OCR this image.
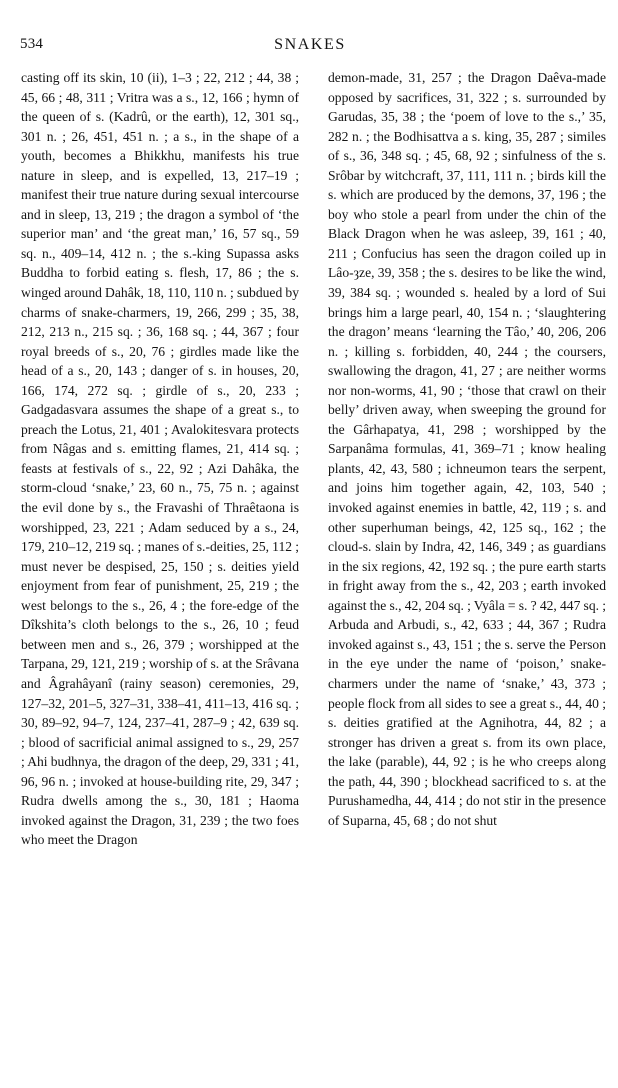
534	SNAKES
casting off its skin, 10 (ii), 1–3 ; 22, 212 ; 44, 38 ; 45, 66 ; 48, 311 ; Vritra was a s., 12, 166 ; hymn of the queen of s. (Kadrû, or the earth), 12, 301 sq., 301 n. ; 26, 451, 451 n. ; a s., in the shape of a youth, becomes a Bhikkhu, manifests his true nature in sleep, and is expelled, 13, 217–19 ; manifest their true nature during sexual intercourse and in sleep, 13, 219 ; the dragon a symbol of ‘the superior man’ and ‘the great man,’ 16, 57 sq., 59 sq. n., 409–14, 412 n. ; the s.-king Supassa asks Buddha to forbid eating s. flesh, 17, 86 ; the s. winged around Dahâk, 18, 110, 110 n. ; subdued by charms of snake-charmers, 19, 266, 299 ; 35, 38, 212, 213 n., 215 sq. ; 36, 168 sq. ; 44, 367 ; four royal breeds of s., 20, 76 ; girdles made like the head of a s., 20, 143 ; danger of s. in houses, 20, 166, 174, 272 sq. ; girdle of s., 20, 233 ; Gadgadasvara assumes the shape of a great s., to preach the Lotus, 21, 401 ; Avalokitesvara protects from Nâgas and s. emitting flames, 21, 414 sq. ; feasts at festivals of s., 22, 92 ; Azi Dahâka, the storm-cloud ‘snake,’ 23, 60 n., 75, 75 n. ; against the evil done by s., the Fravashi of Thraêtaona is worshipped, 23, 221 ; Adam seduced by a s., 24, 179, 210–12, 219 sq. ; manes of s.-deities, 25, 112 ; must never be despised, 25, 150 ; s. deities yield enjoyment from fear of punishment, 25, 219 ; the west belongs to the s., 26, 4 ; the fore-edge of the Dîkshita’s cloth belongs to the s., 26, 10 ; feud between men and s., 26, 379 ; worshipped at the Tarpana, 29, 121, 219 ; worship of s. at the Srâvana and Âgrahâyanî (rainy season) ceremonies, 29, 127–32, 201–5, 327–31, 338–41, 411–13, 416 sq. ; 30, 89–92, 94–7, 124, 237–41, 287–9 ; 42, 639 sq. ; blood of sacrificial animal assigned to s., 29, 257 ; Ahi budhnya, the dragon of the deep, 29, 331 ; 41, 96, 96 n. ; invoked at house-building rite, 29, 347 ; Rudra dwells among the s., 30, 181 ; Haoma invoked against the Dragon, 31, 239 ; the two foes who meet the Dragon
demon-made, 31, 257 ; the Dragon Daêva-made opposed by sacrifices, 31, 322 ; s. surrounded by Garudas, 35, 38 ; the ‘poem of love to the s.,’ 35, 282 n. ; the Bodhisattva a s. king, 35, 287 ; similes of s., 36, 348 sq. ; 45, 68, 92 ; sinfulness of the s. Srôbar by witchcraft, 37, 111, 111 n. ; birds kill the s. which are produced by the demons, 37, 196 ; the boy who stole a pearl from under the chin of the Black Dragon when he was asleep, 39, 161 ; 40, 211 ; Confucius has seen the dragon coiled up in Lâo-ȝze, 39, 358 ; the s. desires to be like the wind, 39, 384 sq. ; wounded s. healed by a lord of Sui brings him a large pearl, 40, 154 n. ; ‘slaughtering the dragon’ means ‘learning the Tâo,’ 40, 206, 206 n. ; killing s. forbidden, 40, 244 ; the coursers, swallowing the dragon, 41, 27 ; are neither worms nor non-worms, 41, 90 ; ‘those that crawl on their belly’ driven away, when sweeping the ground for the Gârhapatya, 41, 298 ; worshipped by the Sarpanâma formulas, 41, 369–71 ; know healing plants, 42, 43, 580 ; ichneumon tears the serpent, and joins him together again, 42, 103, 540 ; invoked against enemies in battle, 42, 119 ; s. and other superhuman beings, 42, 125 sq., 162 ; the cloud-s. slain by Indra, 42, 146, 349 ; as guardians in the six regions, 42, 192 sq. ; the pure earth starts in fright away from the s., 42, 203 ; earth invoked against the s., 42, 204 sq. ; Vyâla = s. ? 42, 447 sq. ; Arbuda and Arbudi, s., 42, 633 ; 44, 367 ; Rudra invoked against s., 43, 151 ; the s. serve the Person in the eye under the name of ‘poison,’ snake-charmers under the name of ‘snake,’ 43, 373 ; people flock from all sides to see a great s., 44, 40 ; s. deities gratified at the Agnihotra, 44, 82 ; a stronger has driven a great s. from its own place, the lake (parable), 44, 92 ; is he who creeps along the path, 44, 390 ; blockhead sacrificed to s. at the Purushamedha, 44, 414 ; do not stir in the presence of Suparna, 45, 68 ; do not shut
